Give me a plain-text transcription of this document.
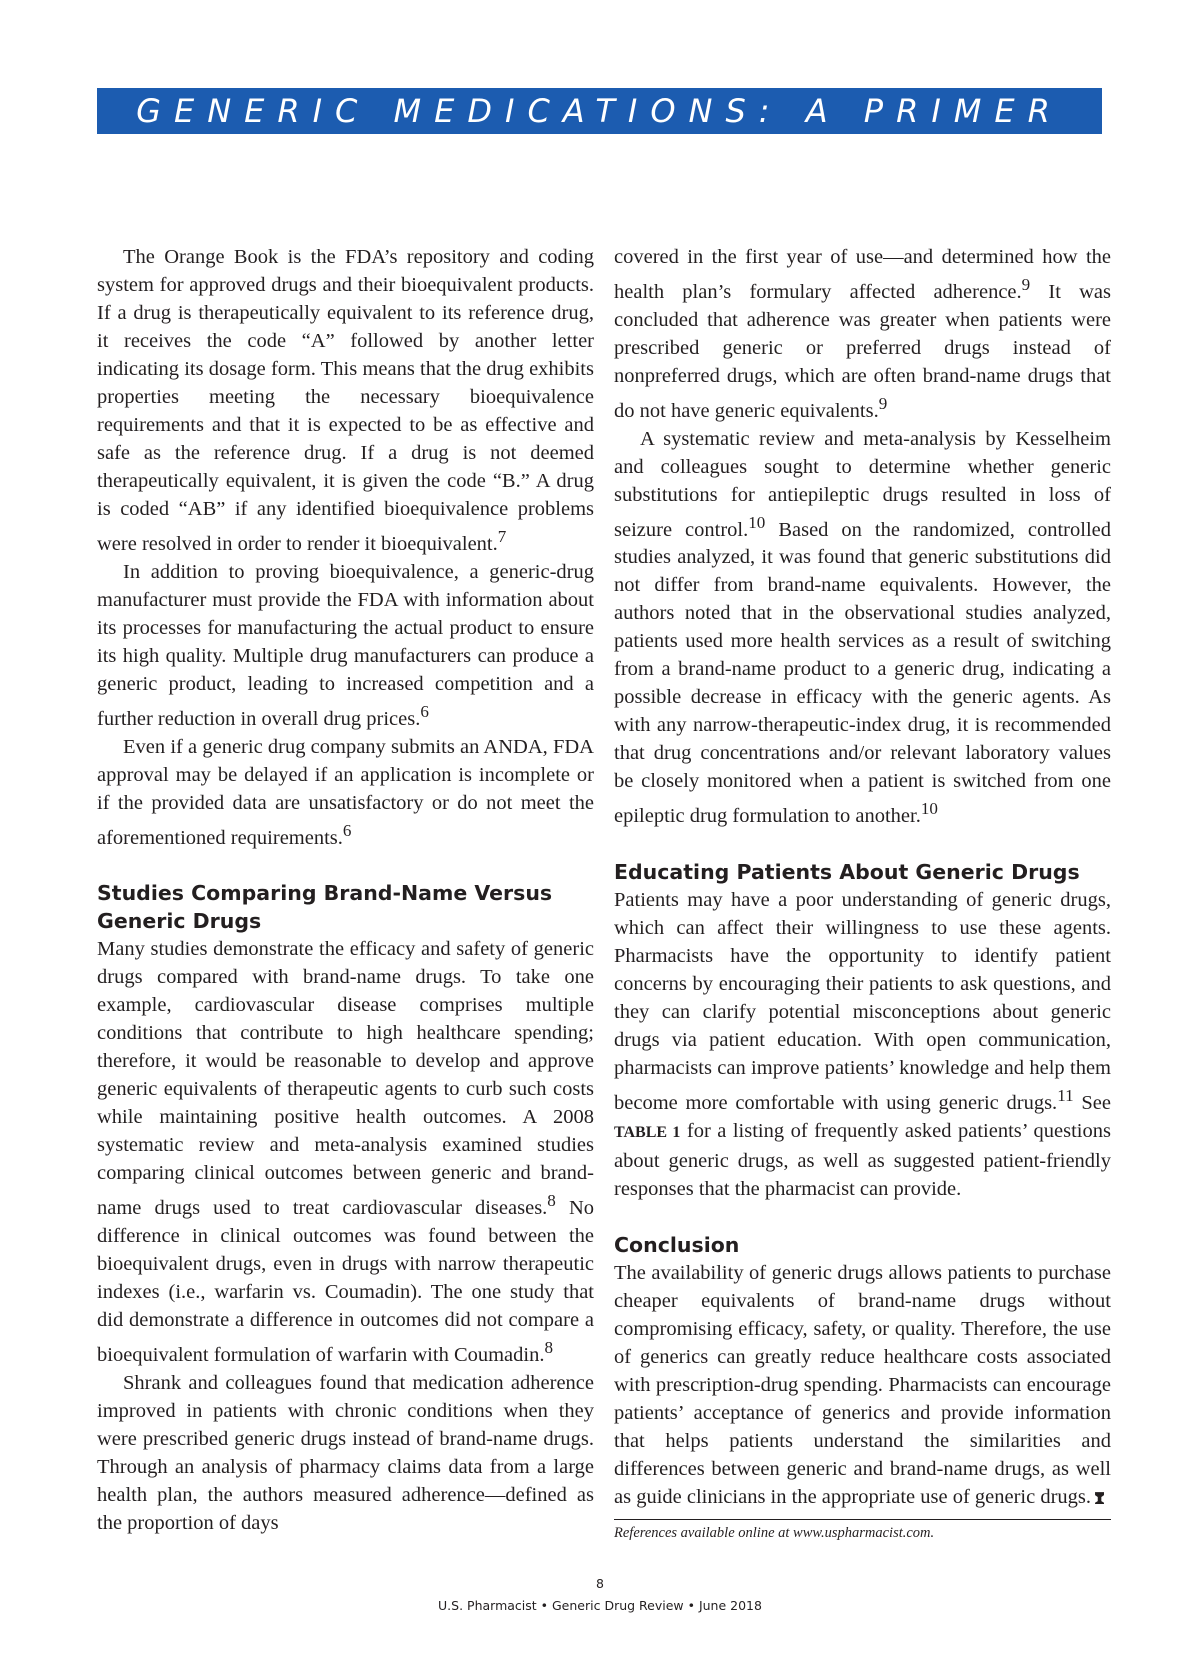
GENERIC MEDICATIONS: A PRIMER

The Orange Book is the FDA’s repository and coding system for approved drugs and their bioequivalent products. If a drug is therapeutically equivalent to its reference drug, it receives the code “A” followed by another letter indicating its dosage form. This means that the drug exhibits properties meeting the necessary bioequivalence requirements and that it is expected to be as effective and safe as the reference drug. If a drug is not deemed therapeutically equivalent, it is given the code “B.” A drug is coded “AB” if any identified bioequivalence problems were resolved in order to render it bioequivalent.$^7$

In addition to proving bioequivalence, a generic-drug manufacturer must provide the FDA with information about its processes for manufacturing the actual product to ensure its high quality. Multiple drug manufacturers can produce a generic product, leading to increased competition and a further reduction in overall drug prices.$^6$

Even if a generic drug company submits an ANDA, FDA approval may be delayed if an application is incomplete or if the provided data are unsatisfactory or do not meet the aforementioned requirements.$^6$

Studies Comparing Brand-Name Versus Generic Drugs

Many studies demonstrate the efficacy and safety of generic drugs compared with brand-name drugs. To take one example, cardiovascular disease comprises multiple conditions that contribute to high healthcare spending; therefore, it would be reasonable to develop and approve generic equivalents of therapeutic agents to curb such costs while maintaining positive health outcomes. A 2008 systematic review and meta-analysis examined studies comparing clinical outcomes between generic and brand-name drugs used to treat cardiovascular diseases.$^8$ No difference in clinical outcomes was found between the bioequivalent drugs, even in drugs with narrow therapeutic indexes (i.e., warfarin vs. Coumadin). The one study that did demonstrate a difference in outcomes did not compare a bioequivalent formulation of warfarin with Coumadin.$^8$

Shrank and colleagues found that medication adherence improved in patients with chronic conditions when they were prescribed generic drugs instead of brand-name drugs. Through an analysis of pharmacy claims data from a large health plan, the authors measured adherence—defined as the proportion of days

covered in the first year of use—and determined how the health plan’s formulary affected adherence.$^9$ It was concluded that adherence was greater when patients were prescribed generic or preferred drugs instead of nonpreferred drugs, which are often brand-name drugs that do not have generic equivalents.$^9$

A systematic review and meta-analysis by Kesselheim and colleagues sought to determine whether generic substitutions for antiepileptic drugs resulted in loss of seizure control.$^{10}$ Based on the randomized, controlled studies analyzed, it was found that generic substitutions did not differ from brand-name equivalents. However, the authors noted that in the observational studies analyzed, patients used more health services as a result of switching from a brand-name product to a generic drug, indicating a possible decrease in efficacy with the generic agents. As with any narrow-therapeutic-index drug, it is recommended that drug concentrations and/or relevant laboratory values be closely monitored when a patient is switched from one epileptic drug formulation to another.$^{10}$

Educating Patients About Generic Drugs

Patients may have a poor understanding of generic drugs, which can affect their willingness to use these agents. Pharmacists have the opportunity to identify patient concerns by encouraging their patients to ask questions, and they can clarify potential misconceptions about generic drugs via patient education. With open communication, pharmacists can improve patients’ knowledge and help them become more comfortable with using generic drugs.$^{11}$ See TABLE 1 for a listing of frequently asked patients’ questions about generic drugs, as well as suggested patient-friendly responses that the pharmacist can provide.

Conclusion

The availability of generic drugs allows patients to purchase cheaper equivalents of brand-name drugs without compromising efficacy, safety, or quality. Therefore, the use of generics can greatly reduce healthcare costs associated with prescription-drug spending. Pharmacists can encourage patients’ acceptance of generics and provide information that helps patients understand the similarities and differences between generic and brand-name drugs, as well as guide clinicians in the appropriate use of generic drugs.

References available online at www.uspharmacist.com.
8
U.S. Pharmacist • Generic Drug Review • June 2018
